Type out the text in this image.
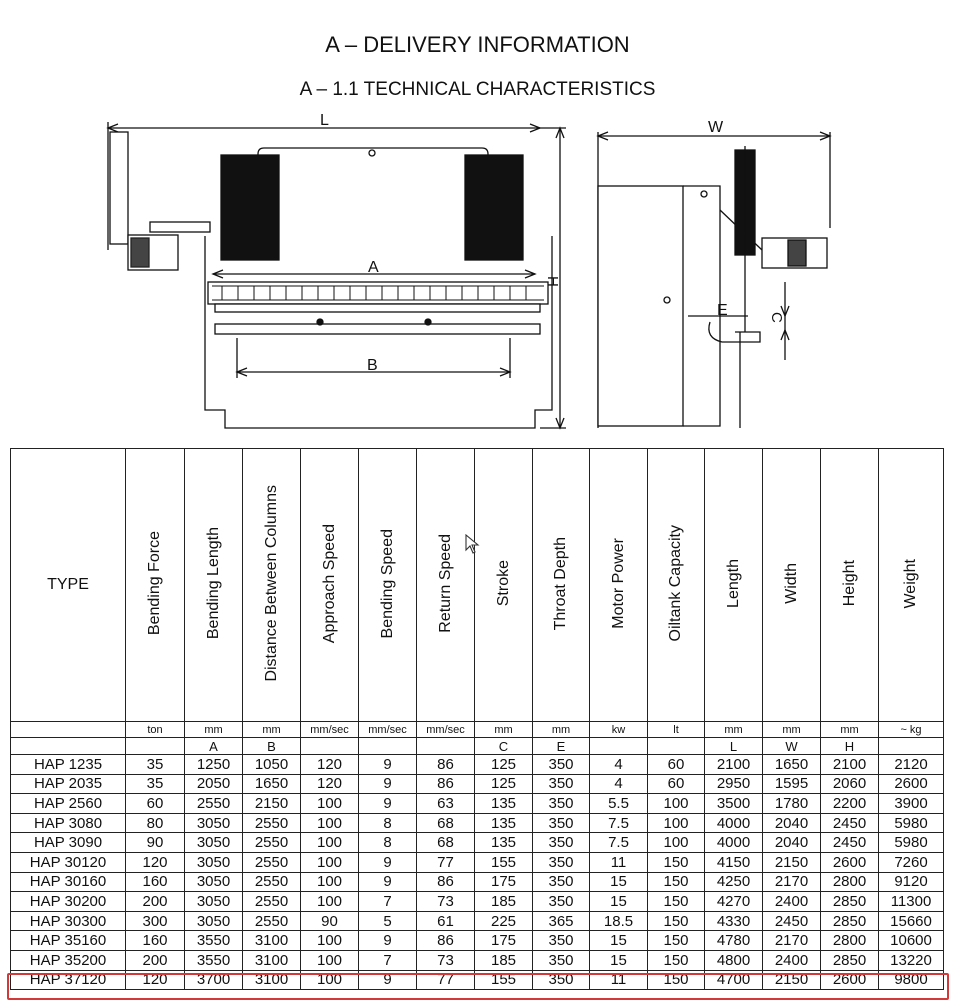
A – DELIVERY INFORMATION
A – 1.1 TECHNICAL CHARACTERISTICS
L
A
B
W
E
H
C
TYPE	Bending Force	Bending Length	Distance Between Columns	Approach Speed	Bending Speed	Return Speed	Stroke	Throat Depth	Motor Power	Oiltank Capacity	Length	Width	Height	Weight
	ton	mm	mm	mm/sec	mm/sec	mm/sec	mm	mm	kw	lt	mm	mm	mm	~ kg
		A	B				C	E			L	W	H	
HAP 1235	35	1250	1050	120	9	86	125	350	4	60	2100	1650	2100	2120
HAP 2035	35	2050	1650	120	9	86	125	350	4	60	2950	1595	2060	2600
HAP 2560	60	2550	2150	100	9	63	135	350	5.5	100	3500	1780	2200	3900
HAP 3080	80	3050	2550	100	8	68	135	350	7.5	100	4000	2040	2450	5980
HAP 3090	90	3050	2550	100	8	68	135	350	7.5	100	4000	2040	2450	5980
HAP 30120	120	3050	2550	100	9	77	155	350	11	150	4150	2150	2600	7260
HAP 30160	160	3050	2550	100	9	86	175	350	15	150	4250	2170	2800	9120
HAP 30200	200	3050	2550	100	7	73	185	350	15	150	4270	2400	2850	11300
HAP 30300	300	3050	2550	90	5	61	225	365	18.5	150	4330	2450	2850	15660
HAP 35160	160	3550	3100	100	9	86	175	350	15	150	4780	2170	2800	10600
HAP 35200	200	3550	3100	100	7	73	185	350	15	150	4800	2400	2850	13220
HAP 37120	120	3700	3100	100	9	77	155	350	11	150	4700	2150	2600	9800
